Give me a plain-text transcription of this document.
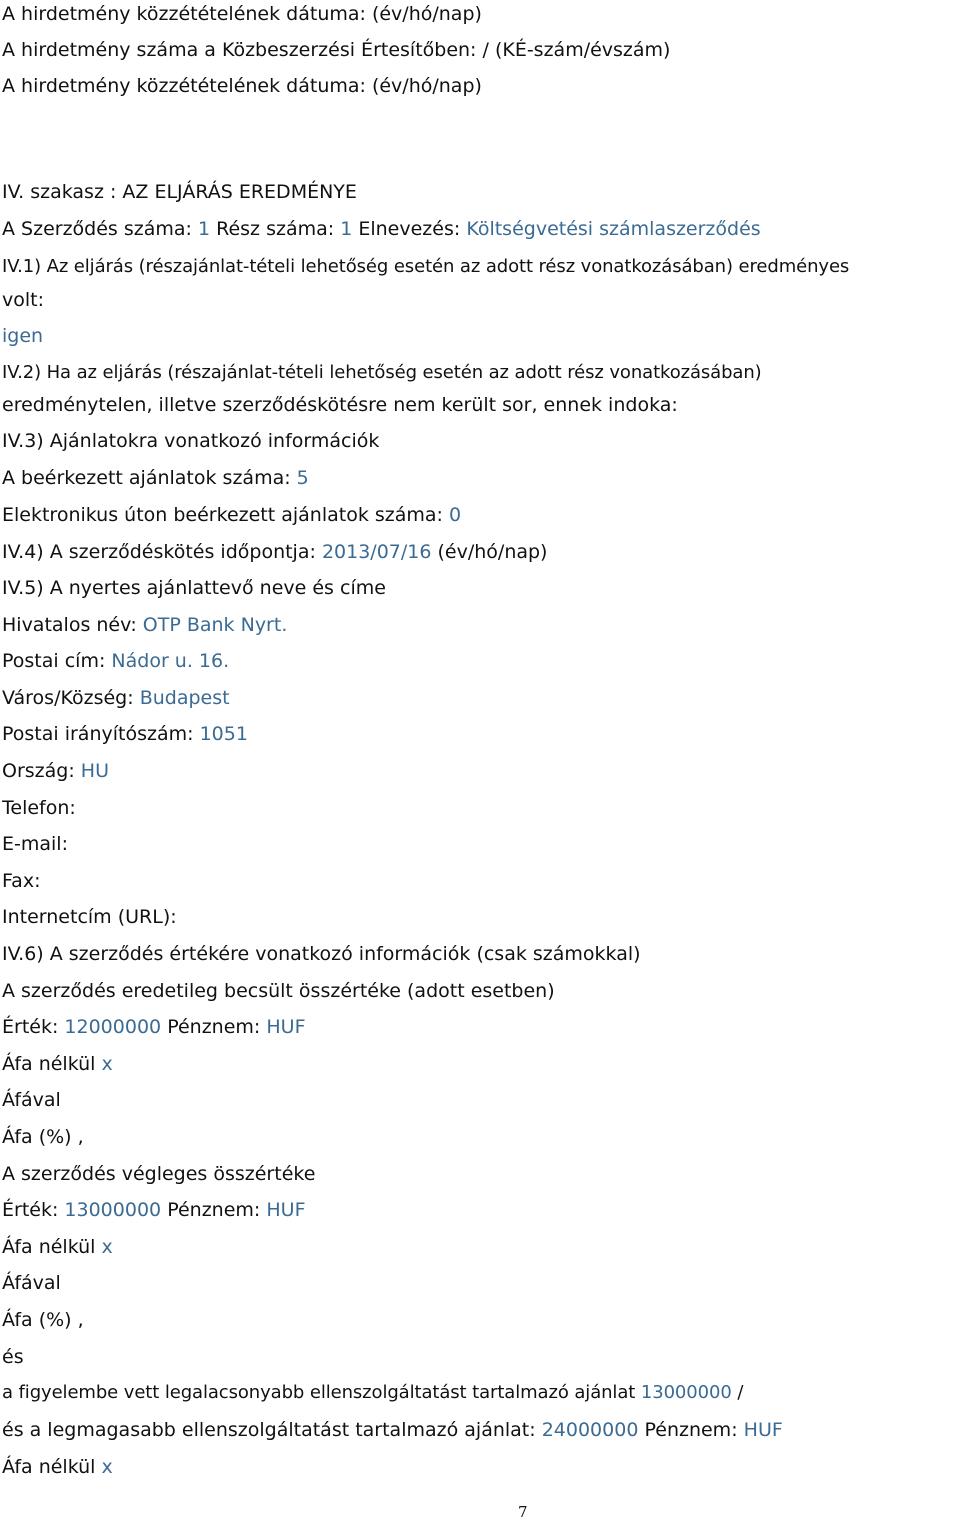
A hirdetmény közzétételének dátuma: (év/hó/nap)
A hirdetmény száma a Közbeszerzési Értesítőben: / (KÉ-szám/évszám)
A hirdetmény közzétételének dátuma: (év/hó/nap)
IV. szakasz : AZ ELJÁRÁS EREDMÉNYE
A Szerződés száma: 1 Rész száma: 1 Elnevezés: Költségvetési számlaszerződés
IV.1) Az eljárás (részajánlat-tételi lehetőség esetén az adott rész vonatkozásában) eredményes
volt:
igen
IV.2) Ha az eljárás (részajánlat-tételi lehetőség esetén az adott rész vonatkozásában)
eredménytelen, illetve szerződéskötésre nem került sor, ennek indoka:
IV.3) Ajánlatokra vonatkozó információk
A beérkezett ajánlatok száma: 5
Elektronikus úton beérkezett ajánlatok száma: 0
IV.4) A szerződéskötés időpontja: 2013/07/16 (év/hó/nap)
IV.5) A nyertes ajánlattevő neve és címe
Hivatalos név: OTP Bank Nyrt.
Postai cím: Nádor u. 16.
Város/Község: Budapest
Postai irányítószám: 1051
Ország: HU
Telefon:
E-mail:
Fax:
Internetcím (URL):
IV.6) A szerződés értékére vonatkozó információk (csak számokkal)
A szerződés eredetileg becsült összértéke (adott esetben)
Érték: 12000000 Pénznem: HUF
Áfa nélkül x
Áfával
Áfa (%) ,
A szerződés végleges összértéke
Érték: 13000000 Pénznem: HUF
Áfa nélkül x
Áfával
Áfa (%) ,
és
a figyelembe vett legalacsonyabb ellenszolgáltatást tartalmazó ajánlat 13000000 /
és a legmagasabb ellenszolgáltatást tartalmazó ajánlat: 24000000 Pénznem: HUF
Áfa nélkül x
7
